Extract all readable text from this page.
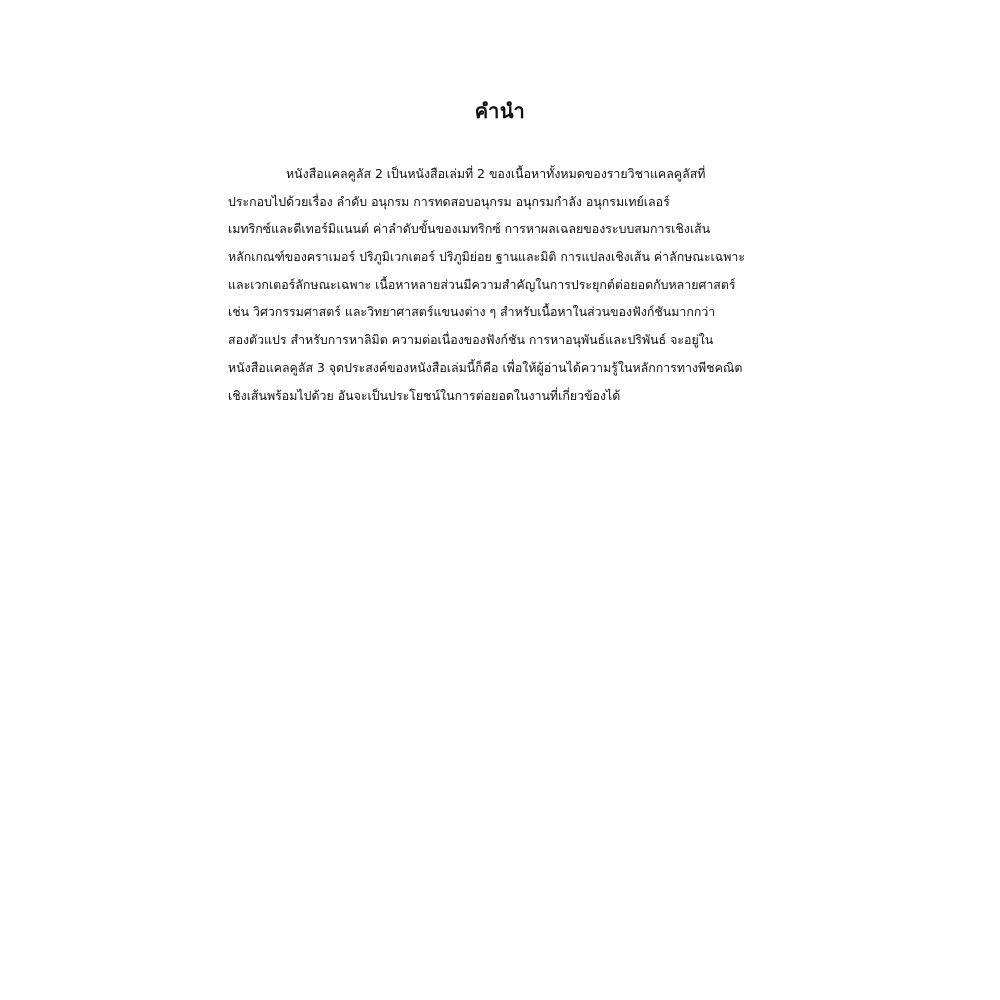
คำนำ
หนังสือแคลคูลัส 2 เป็นหนังสือเล่มที่ 2 ของเนื้อหาทั้งหมดของรายวิชาแคลคูลัสที่
ประกอบไปด้วยเรื่อง ลำดับ อนุกรม การทดสอบอนุกรม อนุกรมกำลัง อนุกรมเทย์เลอร์
เมทริกซ์และดีเทอร์มิแนนต์ ค่าลำดับขั้นของเมทริกซ์ การหาผลเฉลยของระบบสมการเชิงเส้น
หลักเกณฑ์ของคราเมอร์ ปริภูมิเวกเตอร์ ปริภูมิย่อย ฐานและมิติ การแปลงเชิงเส้น ค่าลักษณะเฉพาะ
และเวกเตอร์ลักษณะเฉพาะ เนื้อหาหลายส่วนมีความสำคัญในการประยุกต์ต่อยอดกับหลายศาสตร์
เช่น วิศวกรรมศาสตร์ และวิทยาศาสตร์แขนงต่าง ๆ สำหรับเนื้อหาในส่วนของฟังก์ชันมากกว่า
สองตัวแปร สำหรับการหาลิมิต ความต่อเนื่องของฟังก์ชัน การหาอนุพันธ์และปริพันธ์ จะอยู่ใน
หนังสือแคลคูลัส 3 จุดประสงค์ของหนังสือเล่มนี้ก็คือ เพื่อให้ผู้อ่านได้ความรู้ในหลักการทางพีชคณิต
เชิงเส้นพร้อมไปด้วย อันจะเป็นประโยชน์ในการต่อยอดในงานที่เกี่ยวข้องได้
